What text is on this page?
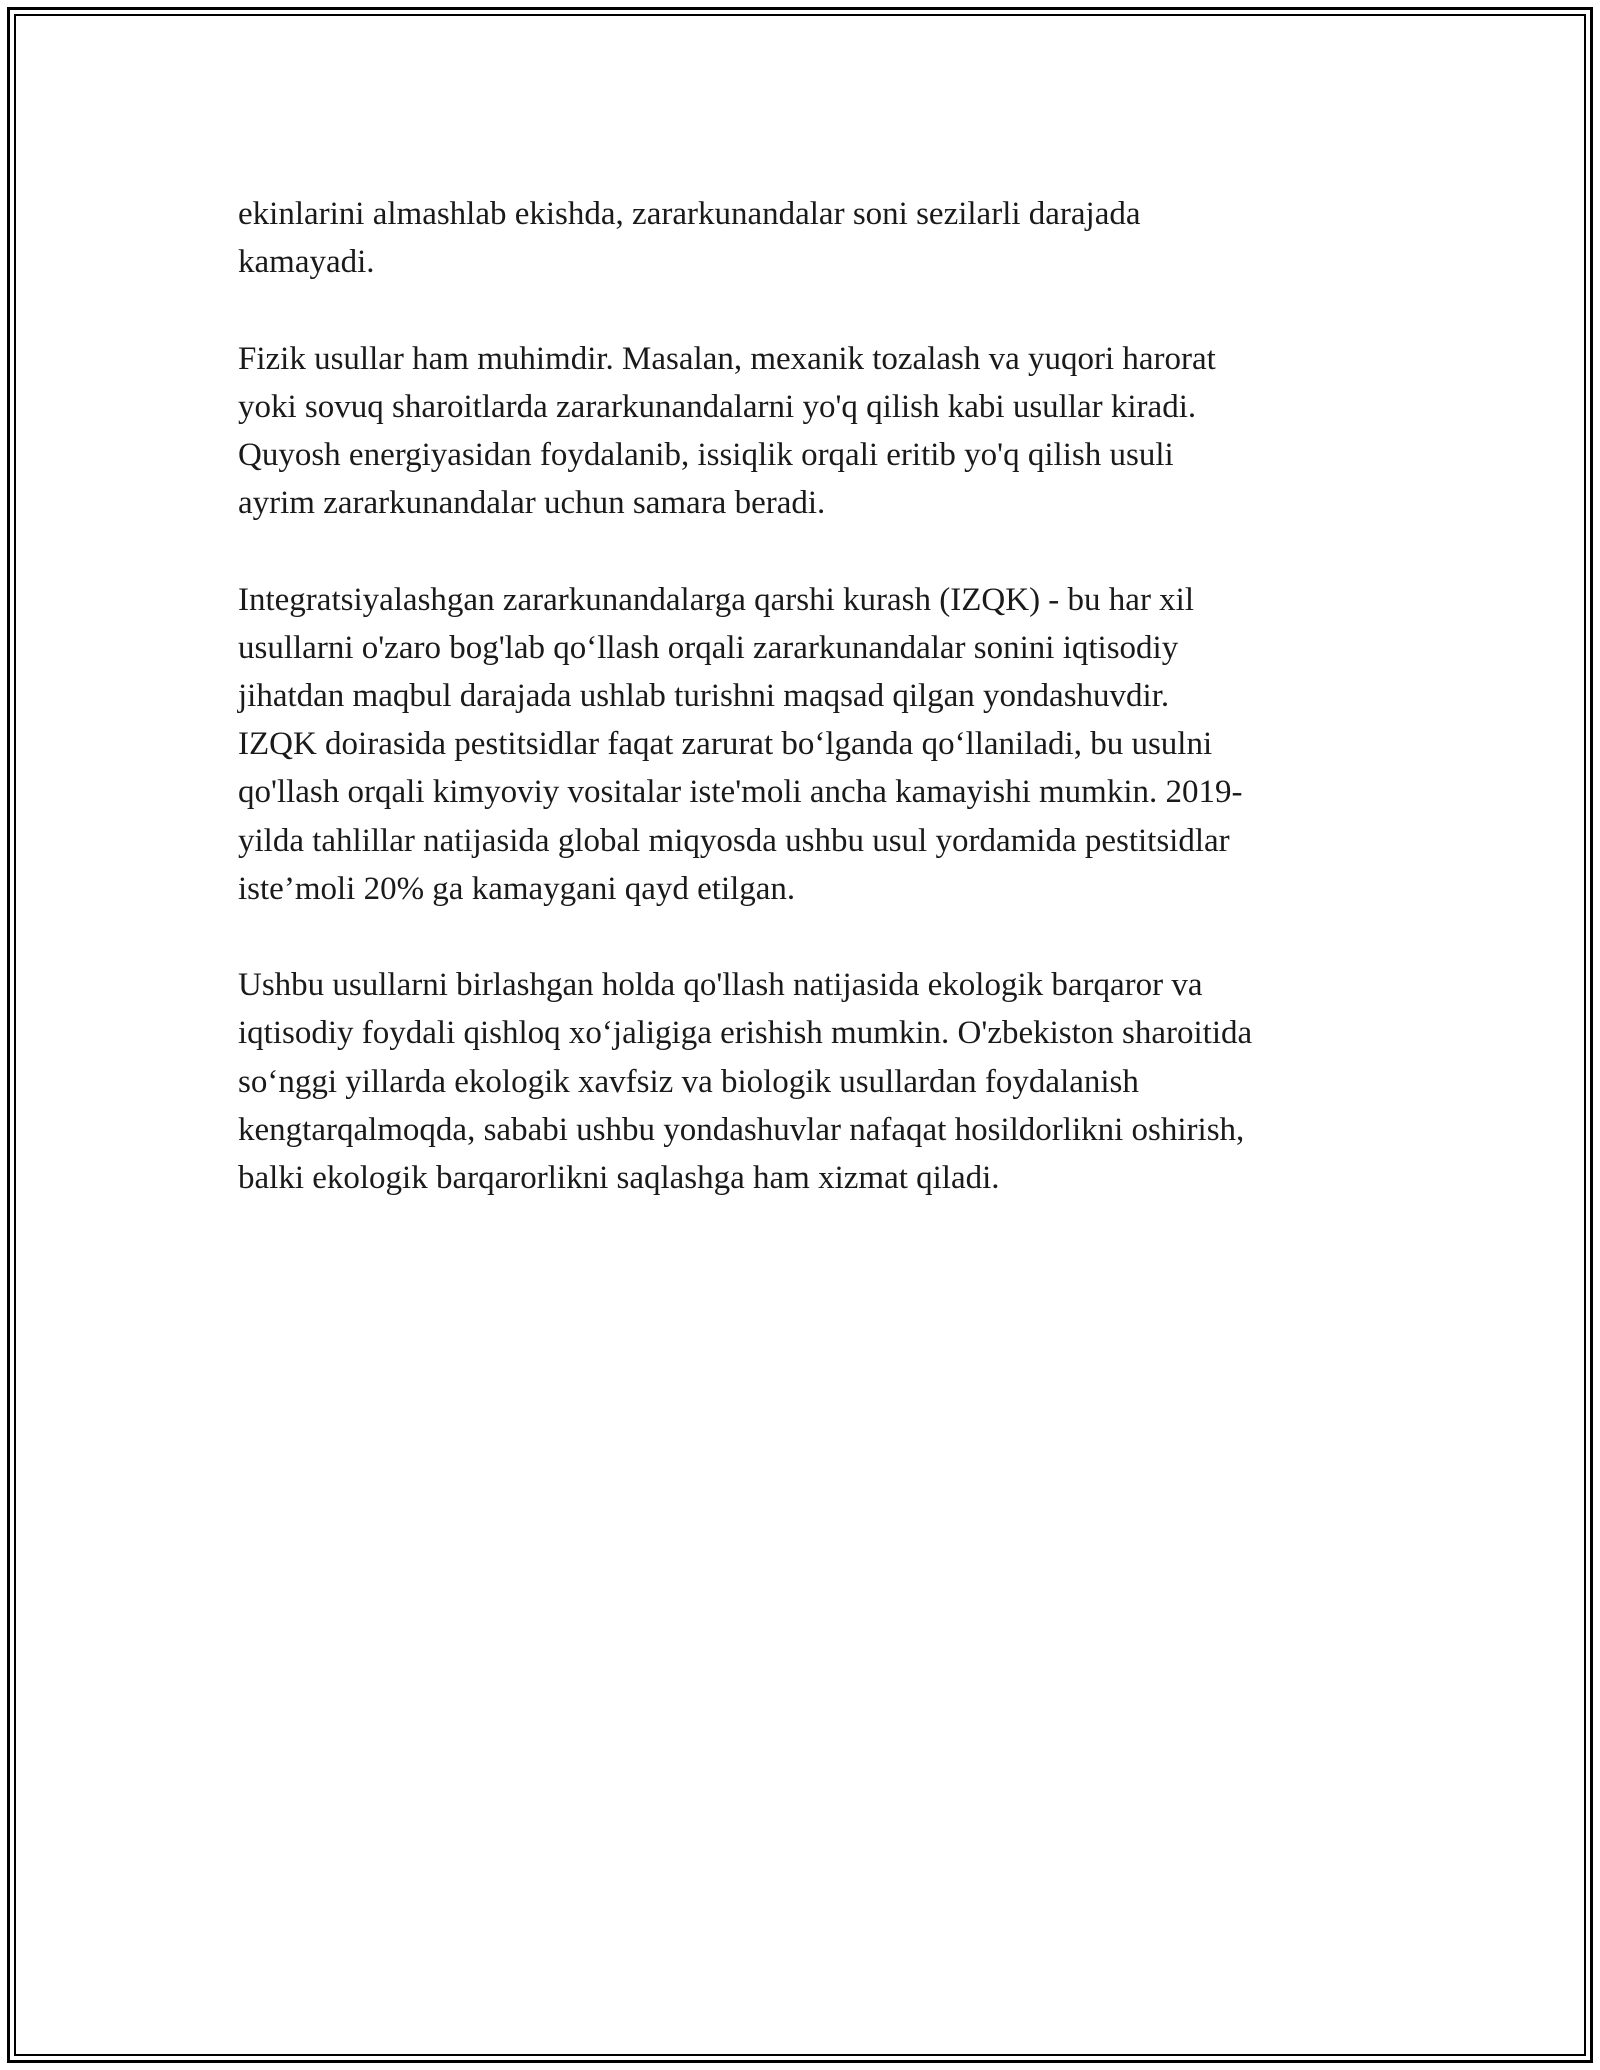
ekinlarini almashlab ekishda, zararkunandalar soni sezilarli darajada
kamayadi.

Fizik usullar ham muhimdir. Masalan, mexanik tozalash va yuqori harorat
yoki sovuq sharoitlarda zararkunandalarni yo'q qilish kabi usullar kiradi.
Quyosh energiyasidan foydalanib, issiqlik orqali eritib yo'q qilish usuli
ayrim zararkunandalar uchun samara beradi.

Integratsiyalashgan zararkunandalarga qarshi kurash (IZQK) - bu har xil
usullarni o'zaro bog'lab qo‘llash orqali zararkunandalar sonini iqtisodiy
jihatdan maqbul darajada ushlab turishni maqsad qilgan yondashuvdir.
IZQK doirasida pestitsidlar faqat zarurat bo‘lganda qo‘llaniladi, bu usulni
qo'llash orqali kimyoviy vositalar iste'moli ancha kamayishi mumkin. 2019-
yilda tahlillar natijasida global miqyosda ushbu usul yordamida pestitsidlar
iste’moli 20% ga kamaygani qayd etilgan.

Ushbu usullarni birlashgan holda qo'llash natijasida ekologik barqaror va
iqtisodiy foydali qishloq xo‘jaligiga erishish mumkin. O'zbekiston sharoitida
so‘nggi yillarda ekologik xavfsiz va biologik usullardan foydalanish
kengtarqalmoqda, sababi ushbu yondashuvlar nafaqat hosildorlikni oshirish,
balki ekologik barqarorlikni saqlashga ham xizmat qiladi.
